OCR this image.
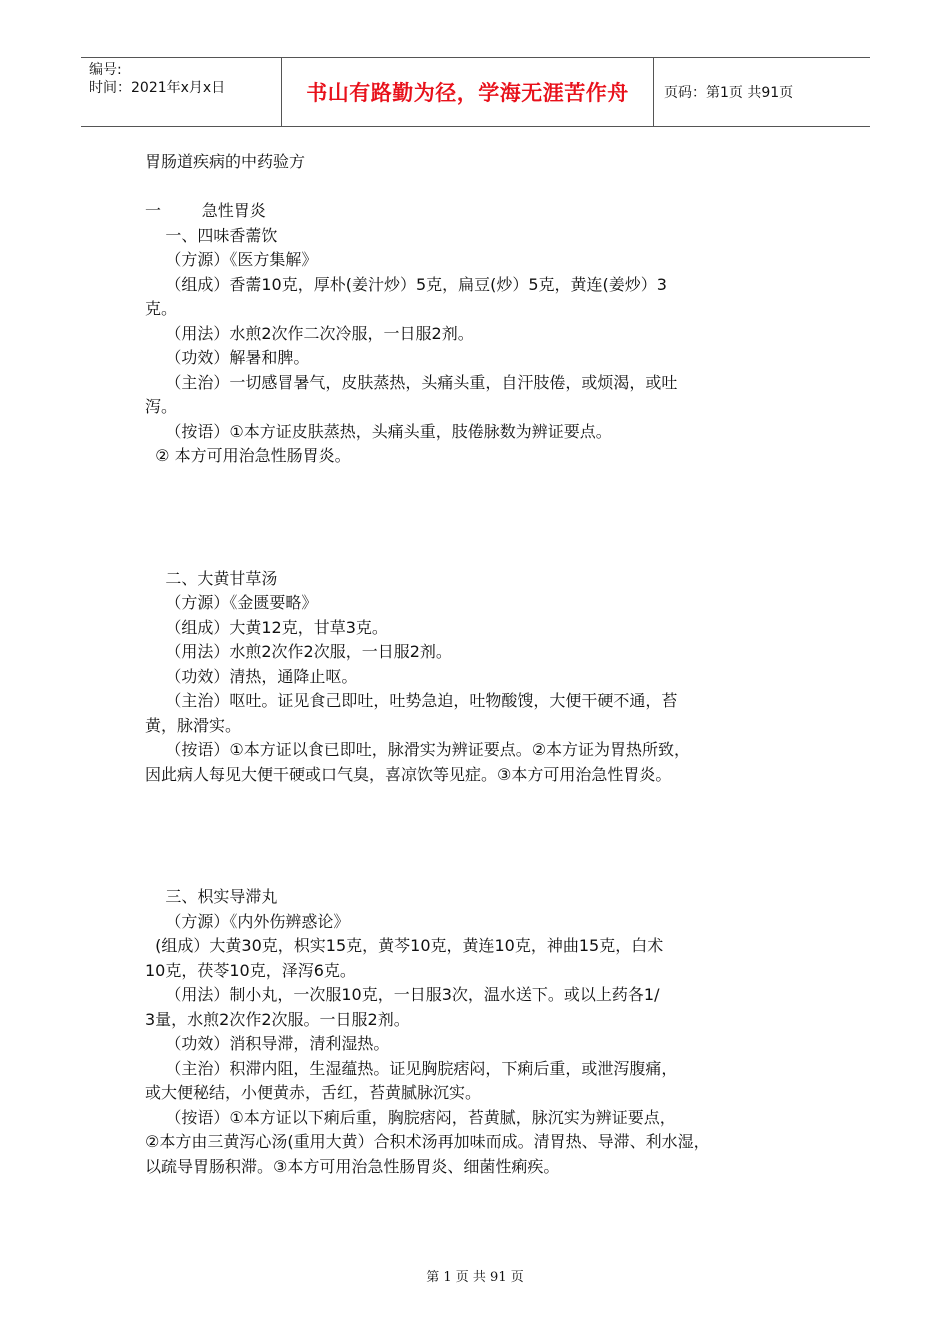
编号:
时间：2021年x月x日	书山有路勤为径，学海无涯苦作舟	页码：第1页 共91页
胃肠道疾病的中药验方
一        急性胃炎
一、四味香薷饮
（方源）《医方集解》
（组成）香薷10克，厚朴(姜汁炒）5克，扁豆(炒）5克，黄连(姜炒）3
克。
（用法）水煎2次作二次冷服，一日服2剂。
（功效）解暑和脾。
（主治）一切感冒暑气，皮肤蒸热，头痛头重，自汗肢倦，或烦渴，或吐
泻。
（按语）①本方证皮肤蒸热，头痛头重，肢倦脉数为辨证要点。
② 本方可用治急性肠胃炎。
二、大黄甘草汤
（方源）《金匮要略》
（组成）大黄12克，甘草3克。
（用法）水煎2次作2次服，一日服2剂。
（功效）清热，通降止呕。
（主治）呕吐。证见食己即吐，吐势急迫，吐物酸馊，大便干硬不通，苔
黄，脉滑实。
（按语）①本方证以食已即吐，脉滑实为辨证要点。②本方证为胃热所致，
因此病人每见大便干硬或口气臭，喜凉饮等见症。③本方可用治急性胃炎。
三、枳实导滞丸
（方源）《内外伤辨惑论》
(组成）大黄30克，枳实15克，黄芩10克，黄连10克，神曲15克，白术
10克，茯苓10克，泽泻6克。
（用法）制小丸，一次服10克，一日服3次，温水送下。或以上药各1/
3量，水煎2次作2次服。一日服2剂。
（功效）消积导滞，清利湿热。
（主治）积滞内阻，生湿蕴热。证见胸脘痞闷，下痢后重，或泄泻腹痛，
或大便秘结，小便黄赤，舌红，苔黄腻脉沉实。
（按语）①本方证以下痢后重，胸脘痞闷，苔黄腻，脉沉实为辨证要点，
②本方由三黄泻心汤(重用大黄）合积术汤再加味而成。清胃热、导滞、利水湿，
以疏导胃肠积滞。③本方可用治急性肠胃炎、细菌性痢疾。
第 1 页 共 91 页
